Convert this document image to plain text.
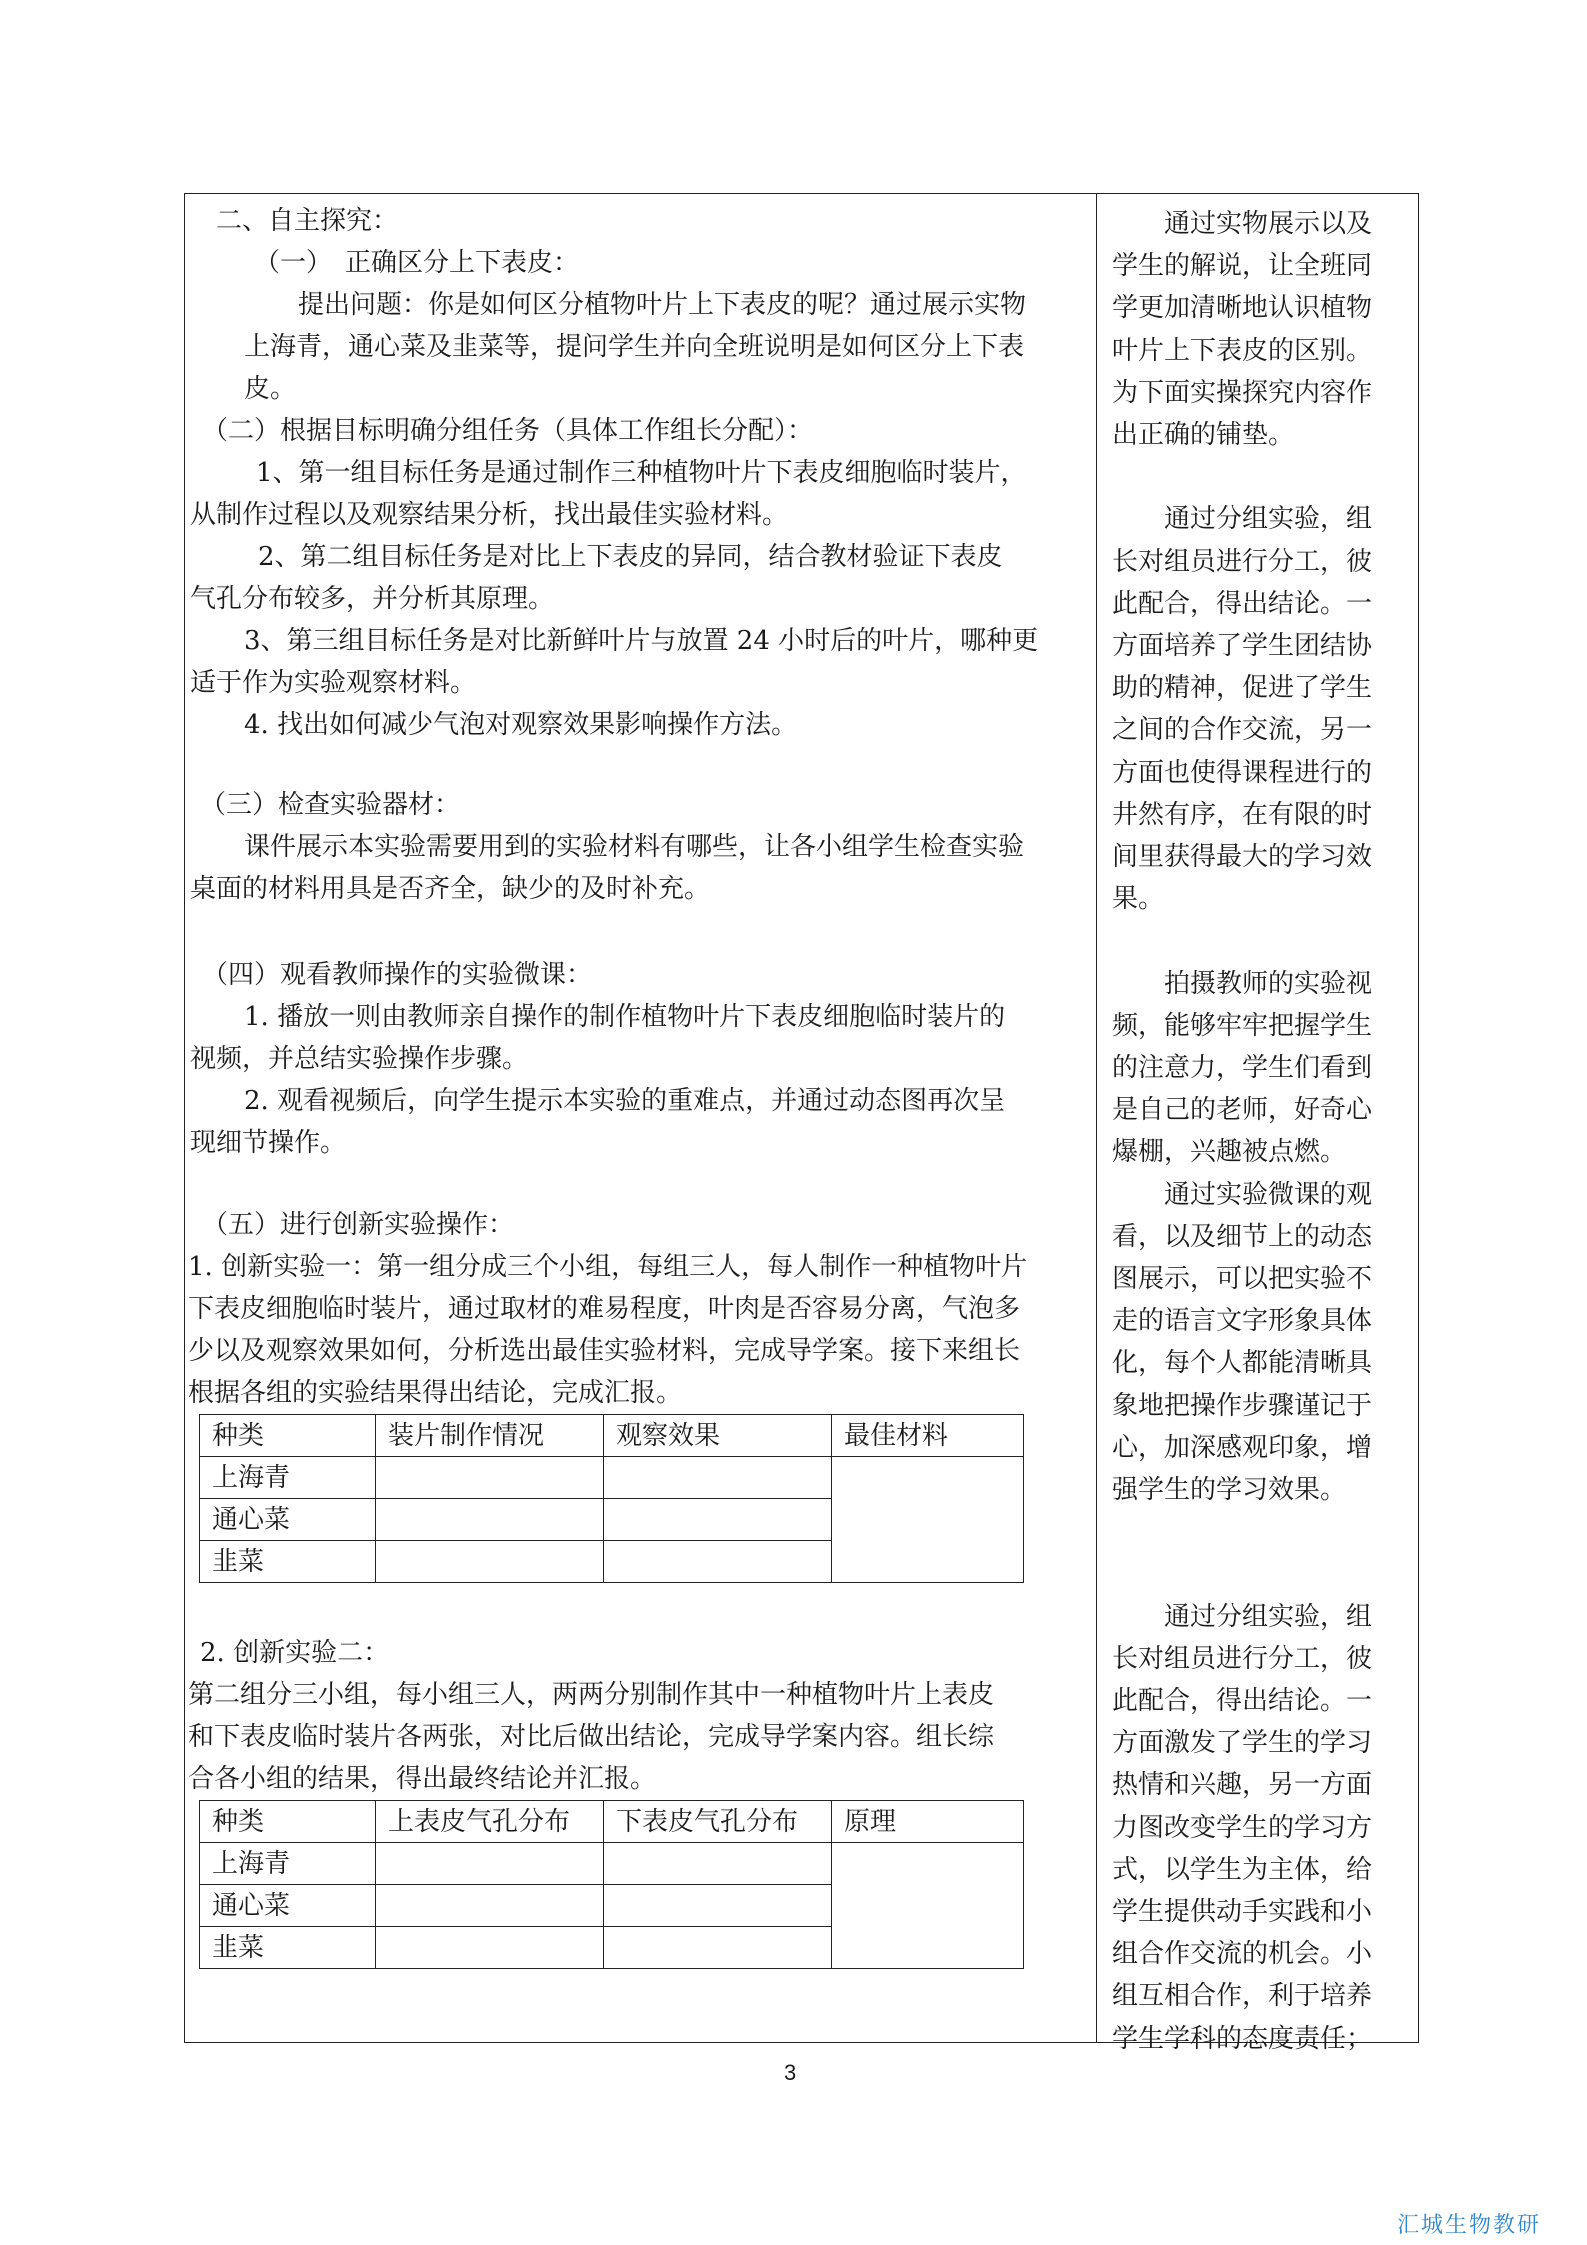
二、自主探究：

（一）　正确区分上下表皮：

提出问题：你是如何区分植物叶片上下表皮的呢？通过展示实物

上海青，通心菜及韭菜等，提问学生并向全班说明是如何区分上下表

皮。

（二）根据目标明确分组任务（具体工作组长分配）：

1、第一组目标任务是通过制作三种植物叶片下表皮细胞临时装片，

从制作过程以及观察结果分析，找出最佳实验材料。

2、第二组目标任务是对比上下表皮的异同，结合教材验证下表皮

气孔分布较多，并分析其原理。

3、第三组目标任务是对比新鲜叶片与放置 24 小时后的叶片，哪种更

适于作为实验观察材料。

4. 找出如何减少气泡对观察效果影响操作方法。

（三）检查实验器材：

课件展示本实验需要用到的实验材料有哪些，让各小组学生检查实验

桌面的材料用具是否齐全，缺少的及时补充。

（四）观看教师操作的实验微课：

1. 播放一则由教师亲自操作的制作植物叶片下表皮细胞临时装片的

视频，并总结实验操作步骤。

2. 观看视频后，向学生提示本实验的重难点，并通过动态图再次呈

现细节操作。

（五）进行创新实验操作：

1. 创新实验一：第一组分成三个小组，每组三人，每人制作一种植物叶片

下表皮细胞临时装片，通过取材的难易程度，叶肉是否容易分离，气泡多

少以及观察效果如何，分析选出最佳实验材料，完成导学案。接下来组长

根据各组的实验结果得出结论，完成汇报。

种类	装片制作情况	观察效果	最佳材料
上海青			
通心菜			
韭菜			

2. 创新实验二：

第二组分三小组，每小组三人，两两分别制作其中一种植物叶片上表皮

和下表皮临时装片各两张，对比后做出结论，完成导学案内容。组长综

合各小组的结果，得出最终结论并汇报。

种类	上表皮气孔分布	下表皮气孔分布	原理
上海青			
通心菜			
韭菜			

　　通过实物展示以及

学生的解说，让全班同

学更加清晰地认识植物

叶片上下表皮的区别。

为下面实操探究内容作

出正确的铺垫。

　　通过分组实验，组

长对组员进行分工，彼

此配合，得出结论。一

方面培养了学生团结协

助的精神，促进了学生

之间的合作交流，另一

方面也使得课程进行的

井然有序，在有限的时

间里获得最大的学习效

果。

　　拍摄教师的实验视

频，能够牢牢把握学生

的注意力，学生们看到

是自己的老师，好奇心

爆棚，兴趣被点燃。

　　通过实验微课的观

看，以及细节上的动态

图展示，可以把实验不

走的语言文字形象具体

化，每个人都能清晰具

象地把操作步骤谨记于

心，加深感观印象，增

强学生的学习效果。

　　通过分组实验，组

长对组员进行分工，彼

此配合，得出结论。一

方面激发了学生的学习

热情和兴趣，另一方面

力图改变学生的学习方

式，以学生为主体，给

学生提供动手实践和小

组合作交流的机会。小

组互相合作，利于培养

学生学科的态度责任；

3
汇城生物教研
